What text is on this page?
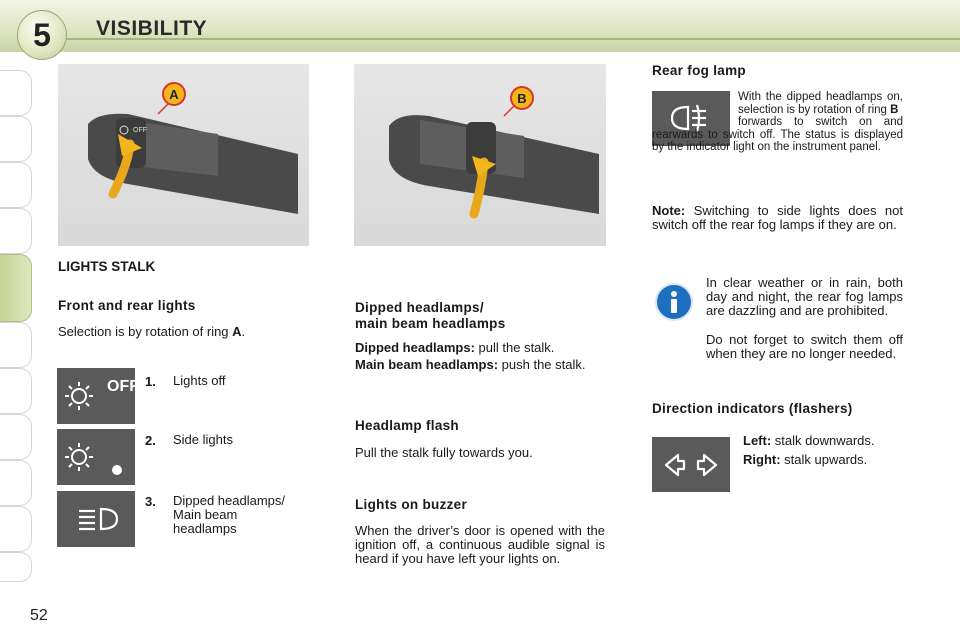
5	VISIBILITY
OFF
A	B
LIGHTS STALK
Front and rear lights
Selection is by rotation of ring A.
OFF 1. Lights off
2. Side lights
3. Dipped headlamps/
Main beam
headlamps
Dipped headlamps/
main beam headlamps
Dipped headlamps: pull the stalk.
Main beam headlamps: push the stalk.
Headlamp flash
Pull the stalk fully towards you.
Lights on buzzer
When the driver’s door is opened with the ignition off, a continuous audible signal is heard if you have left your lights on.
Rear fog lamp
With the dipped headlamps on, selection is by rotation of ring B
forwards to switch on and rearwards to switch off. The status is displayed by the indicator light on the instrument panel.
Note: Switching to side lights does not switch off the rear fog lamps if they are on.
In clear weather or in rain, both day and night, the rear fog lamps are dazzling and are prohibited.
Do not forget to switch them off when they are no longer needed.
Direction indicators (flashers)
Left: stalk downwards.
Right: stalk upwards.
52
